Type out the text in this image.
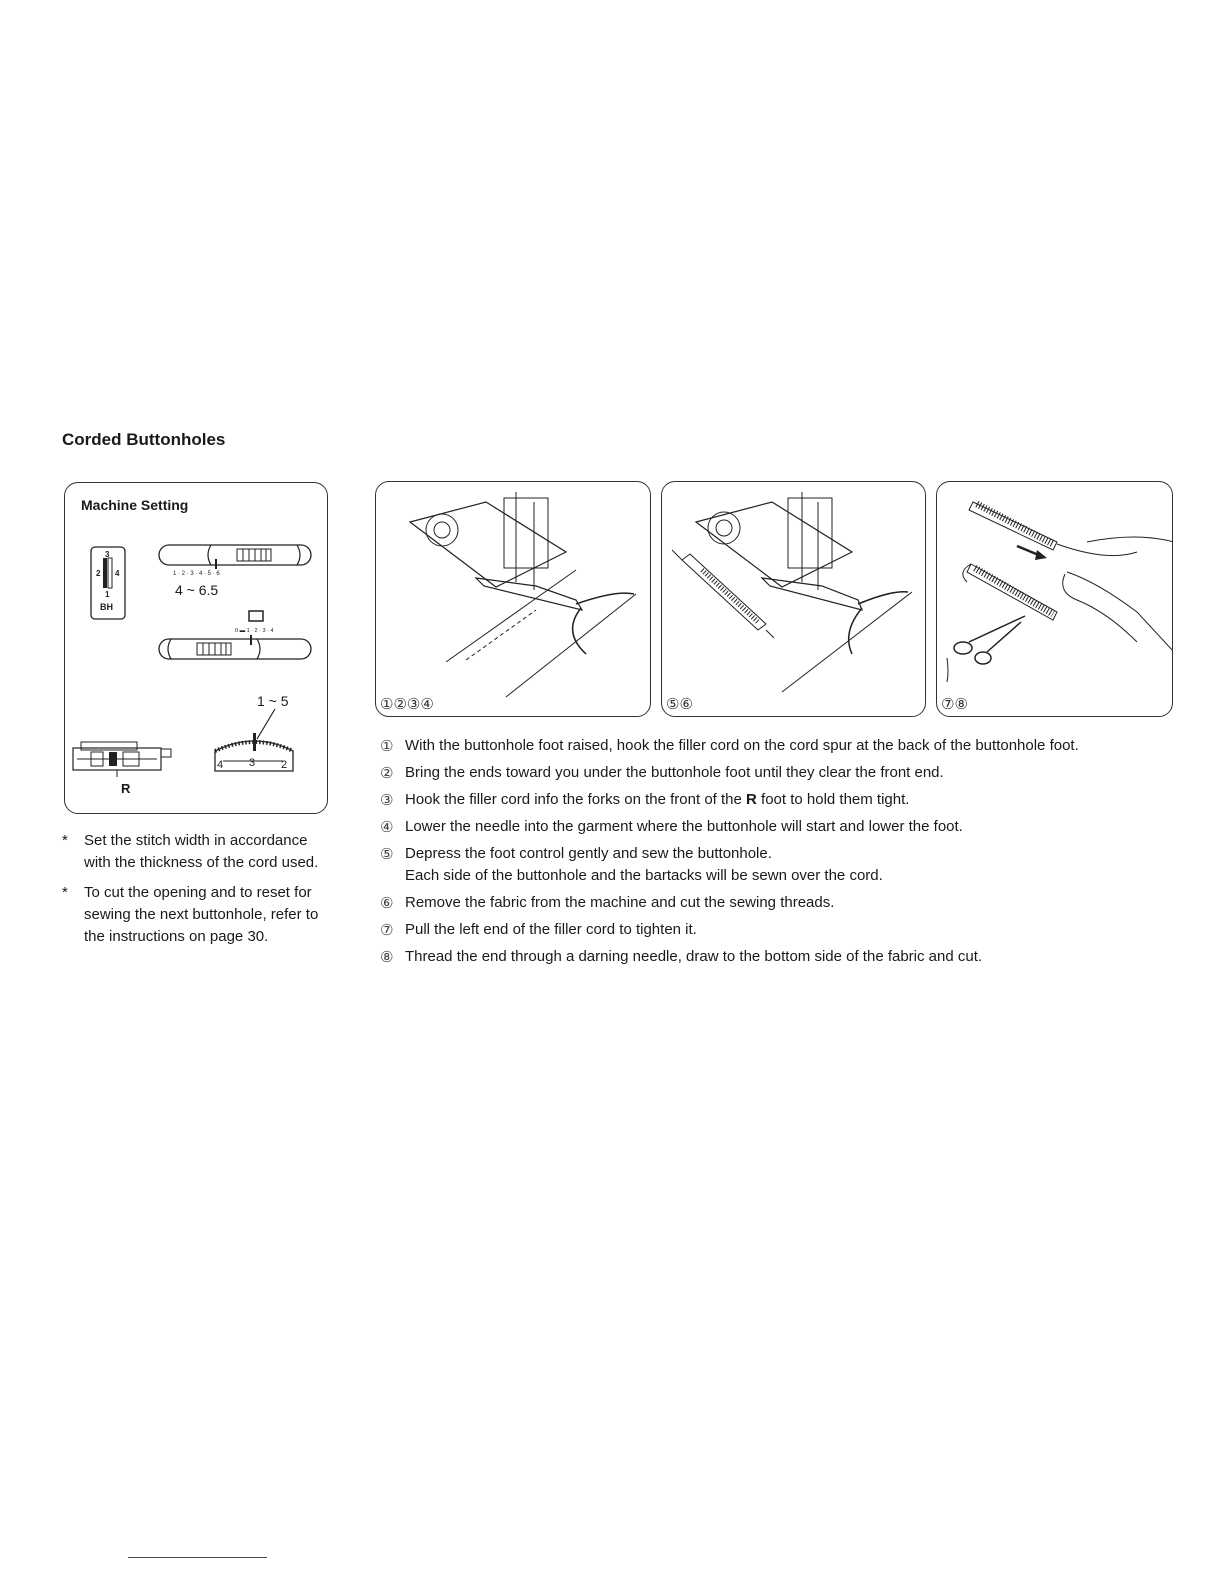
Corded Buttonholes
Machine Setting
3
2 4
1
BH
1 · 2 · 3 · 4 · 5 · 6
0 ▬ 1 · 2 · 3 · 4
4 3 2
4 ~ 6.5
1 ~ 5
R
* Set the stitch width in accordance with the thickness of the cord used.
* To cut the opening and to reset for sewing the next buttonhole, refer to the instructions on page 30.
①②③④	⑤⑥	⑦⑧
① With the buttonhole foot raised, hook the filler cord on the cord spur at the back of the buttonhole foot.
② Bring the ends toward you under the buttonhole foot until they clear the front end.
③ Hook the filler cord info the forks on the front of the R foot to hold them tight.
④ Lower the needle into the garment where the buttonhole will start and lower the foot.
⑤ Depress the foot control gently and sew the buttonhole.
Each side of the buttonhole and the bartacks will be sewn over the cord.
⑥ Remove the fabric from the machine and cut the sewing threads.
⑦ Pull the left end of the filler cord to tighten it.
⑧ Thread the end through a darning needle, draw to the bottom side of the fabric and cut.
